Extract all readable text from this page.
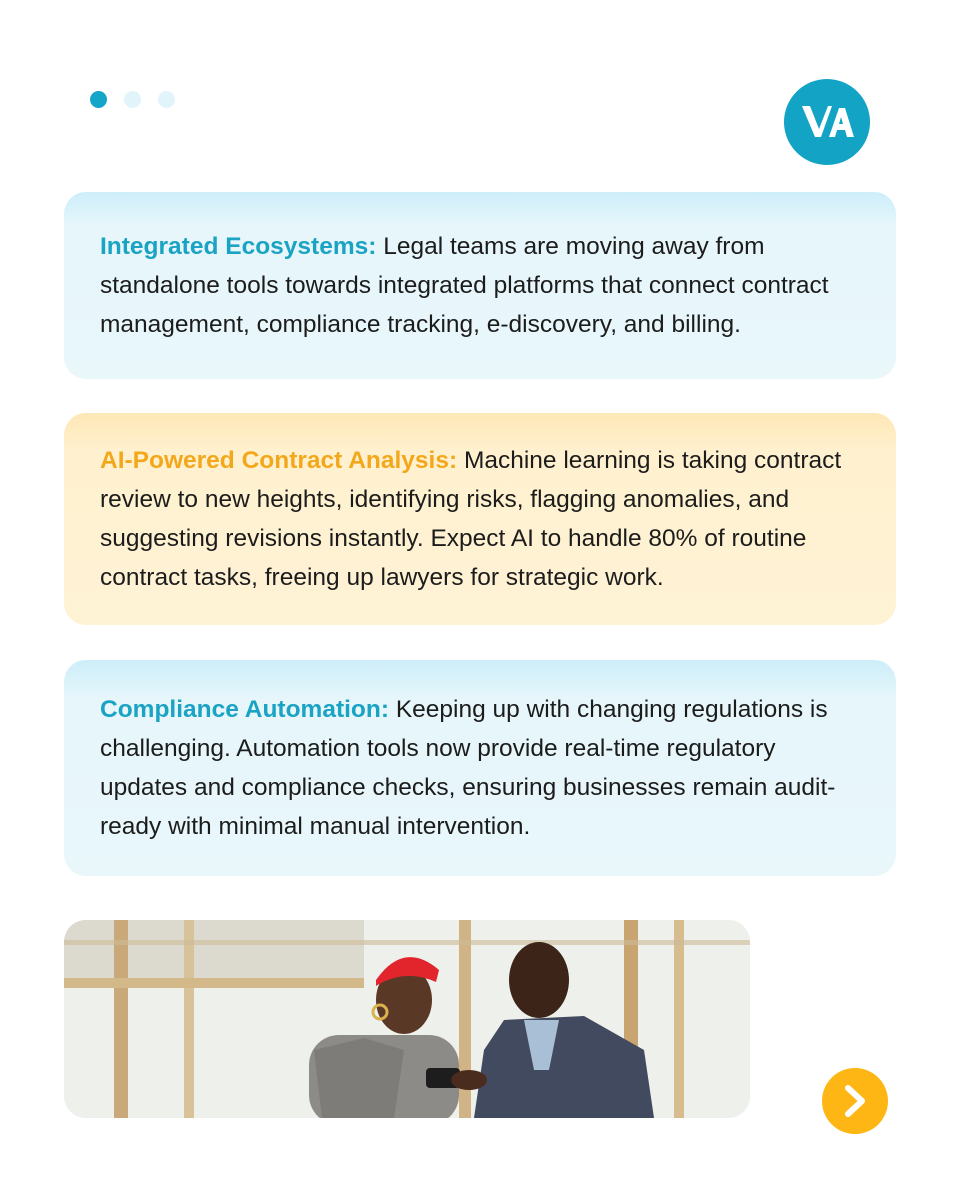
Integrated Ecosystems: Legal teams are moving away from standalone tools towards integrated platforms that connect contract management, compliance tracking, e-discovery, and billing.

AI-Powered Contract Analysis: Machine learning is taking contract review to new heights, identifying risks, flagging anomalies, and suggesting revisions instantly. Expect AI to handle 80% of routine contract tasks, freeing up lawyers for strategic work.

Compliance Automation: Keeping up with changing regulations is challenging. Automation tools now provide real-time regulatory updates and compliance checks, ensuring businesses remain audit-ready with minimal manual intervention.
